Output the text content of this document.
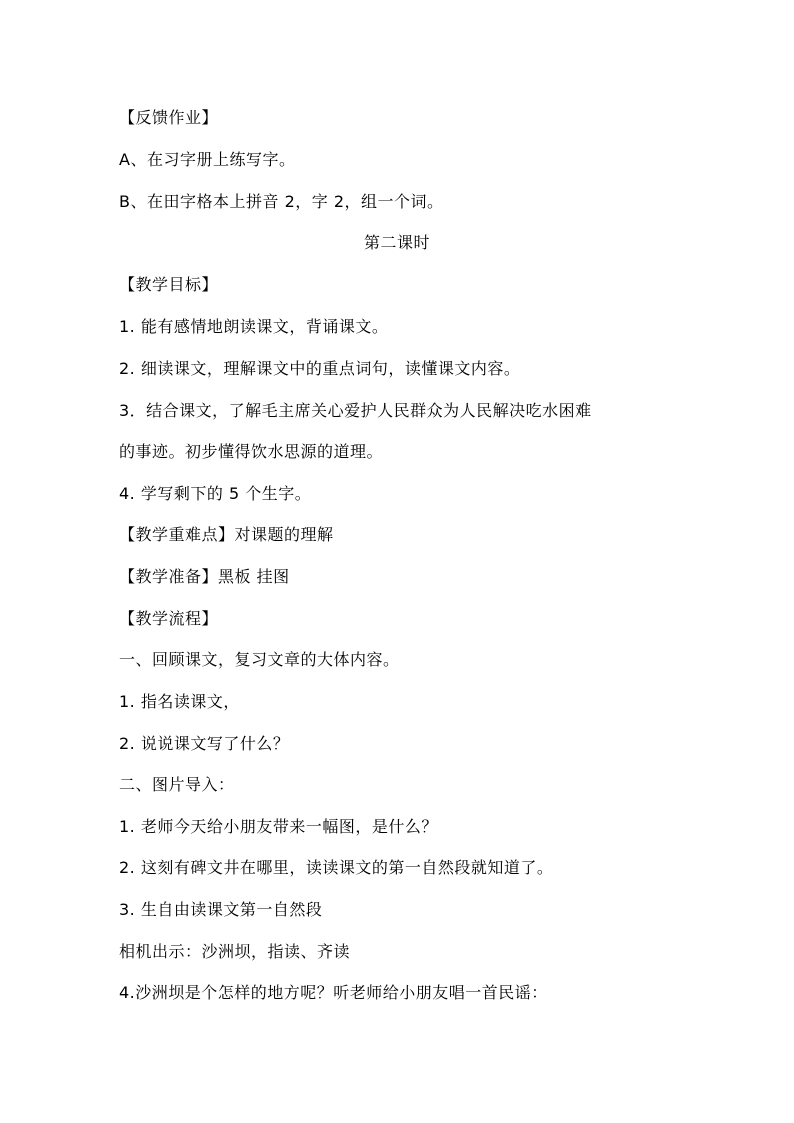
【反馈作业】
A、在习字册上练写字。
B、在田字格本上拼音 2，字 2，组一个词。
第二课时
【教学目标】
1. 能有感情地朗读课文，背诵课文。
2. 细读课文，理解课文中的重点词句，读懂课文内容。
3．结合课文，了解毛主席关心爱护人民群众为人民解决吃水困难
的事迹。初步懂得饮水思源的道理。
4. 学写剩下的 5 个生字。
【教学重难点】对课题的理解
【教学准备】黑板 挂图
【教学流程】
一、回顾课文，复习文章的大体内容。
1. 指名读课文，
2. 说说课文写了什么？
二、图片导入：
1. 老师今天给小朋友带来一幅图，是什么？
2. 这刻有碑文井在哪里，读读课文的第一自然段就知道了。
3. 生自由读课文第一自然段
相机出示：沙洲坝，指读、齐读
4.沙洲坝是个怎样的地方呢？听老师给小朋友唱一首民谣：
